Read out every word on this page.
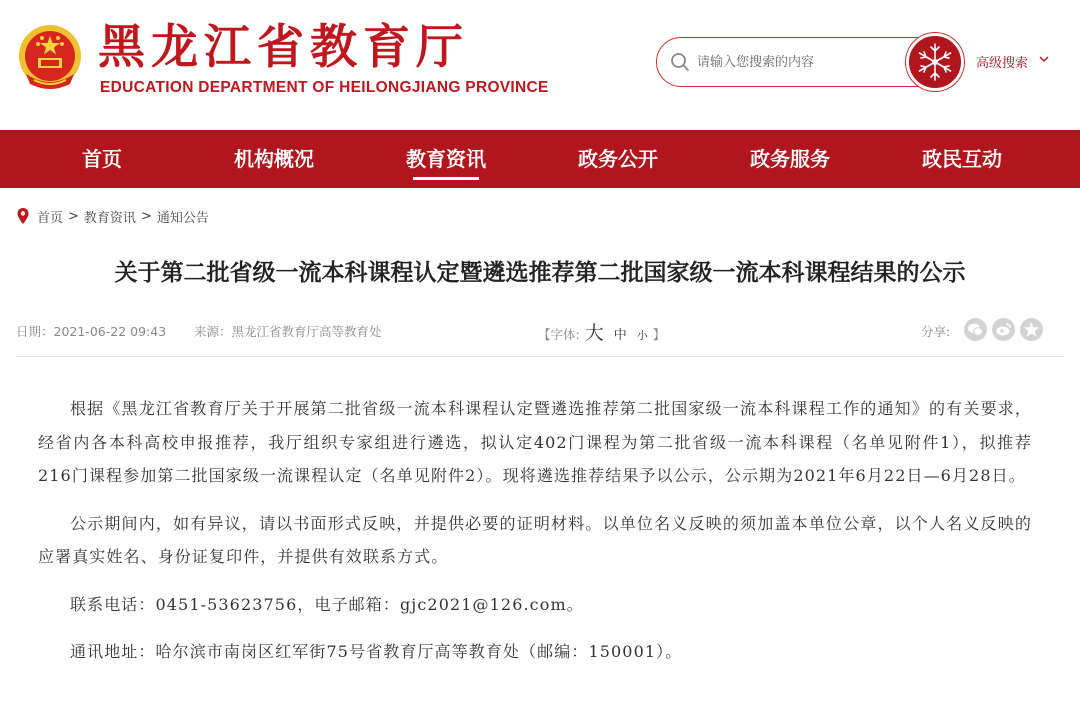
黑龙江省教育厅
EDUCATION DEPARTMENT OF HEILONGJIANG PROVINCE
请输入您搜索的内容
高级搜索
首页	机构概况	教育资讯	政务公开	政务服务	政民互动
首页 > 教育资讯 > 通知公告
关于第二批省级一流本科课程认定暨遴选推荐第二批国家级一流本科课程结果的公示
日期：2021-06-22 09:43 来源：黑龙江省教育厅高等教育处	【字体: 大 中 小 】	分享:

根据《黑龙江省教育厅关于开展第二批省级一流本科课程认定暨遴选推荐第二批国家级一流本科课程工作的通知》的有关要求，经省内各本科高校申报推荐，我厅组织专家组进行遴选，拟认定402门课程为第二批省级一流本科课程（名单见附件1），拟推荐216门课程参加第二批国家级一流课程认定（名单见附件2）。现将遴选推荐结果予以公示，公示期为2021年6月22日—6月28日。

公示期间内，如有异议，请以书面形式反映，并提供必要的证明材料。以单位名义反映的须加盖本单位公章，以个人名义反映的应署真实姓名、身份证复印件，并提供有效联系方式。

联系电话：0451-53623756，电子邮箱：gjc2021@126.com。

通讯地址：哈尔滨市南岗区红军街75号省教育厅高等教育处（邮编：150001）。
